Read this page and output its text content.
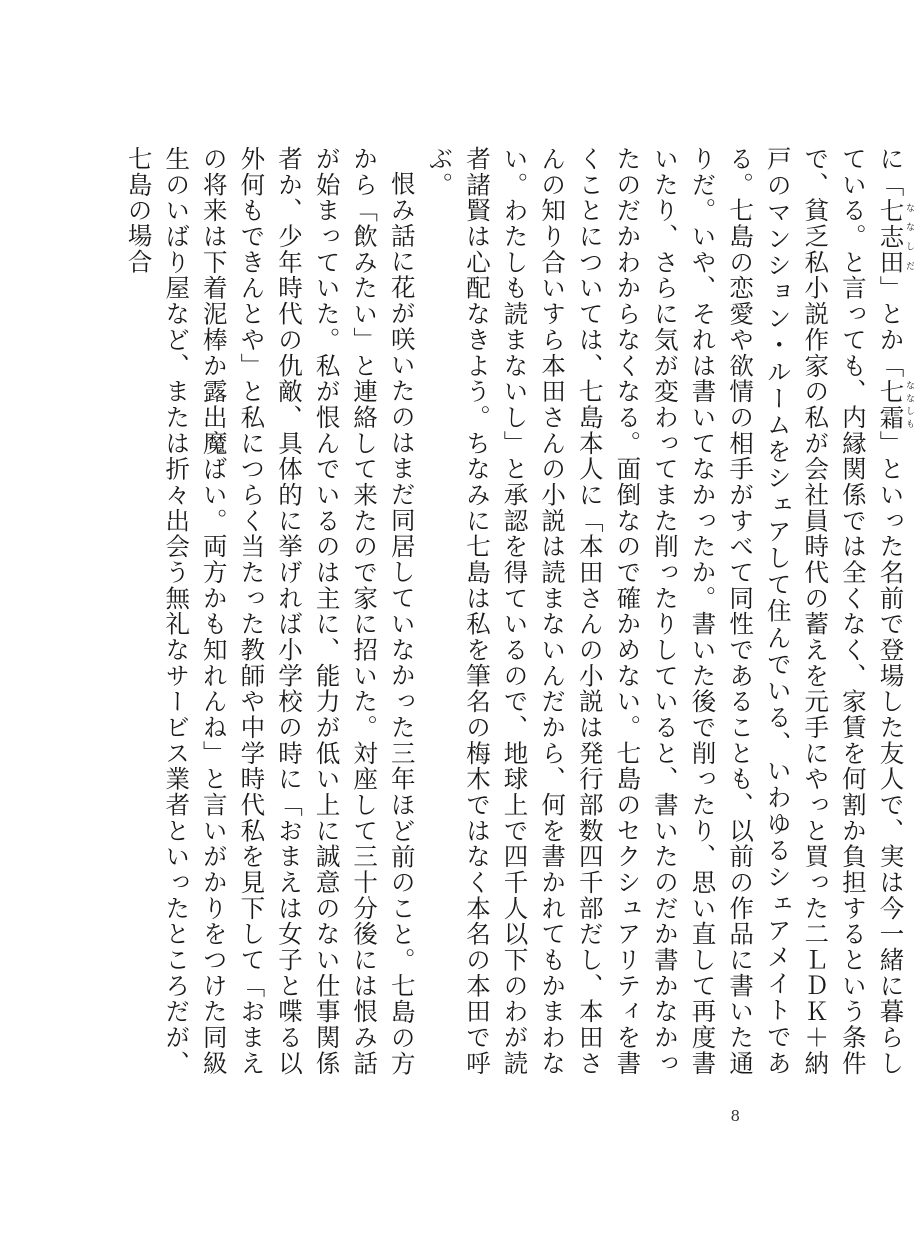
に「七志田ななしだ」とか「七霜ななしも」といった名前で登場した友人で、実は今一緒に暮らしている。と言っても、内縁関係では全くなく、家賃を何割か負担するという条件で、貧乏私小説作家の私が会社員時代の蓄えを元手にやっと買った二ＬＤＫ＋納戸のマンション・ルームをシェアして住んでいる、いわゆるシェアメイトである。七島の恋愛や欲情の相手がすべて同性であることも、以前の作品に書いた通りだ。いや、それは書いてなかったか。書いた後で削ったり、思い直して再度書いたり、さらに気が変わってまた削ったりしていると、書いたのだか書かなかったのだかわからなくなる。面倒なので確かめない。七島のセクシュアリティを書くことについては、七島本人に「本田さんの小説は発行部数四千部だし、本田さんの知り合いすら本田さんの小説は読まないんだから、何を書かれてもかまわない。わたしも読まないし」と承認を得ているので、地球上で四千人以下のわが読者諸賢は心配なきよう。ちなみに七島は私を筆名の梅木ではなく本名の本田で呼ぶ。

恨み話に花が咲いたのはまだ同居していなかった三年ほど前のこと。七島の方から「飲みたい」と連絡して来たので家に招いた。対座して三十分後には恨み話が始まっていた。私が恨んでいるのは主に、能力が低い上に誠意のない仕事関係者か、少年時代の仇敵、具体的に挙げれば小学校の時に「おまえは女子と喋る以外何もできんとや」と私につらく当たった教師や中学時代私を見下して「おまえの将来は下着泥棒か露出魔ばい。両方かも知れんね」と言いがかりをつけた同級生のいばり屋など、または折々出会う無礼なサービス業者といったところだが、七島の場合

8
